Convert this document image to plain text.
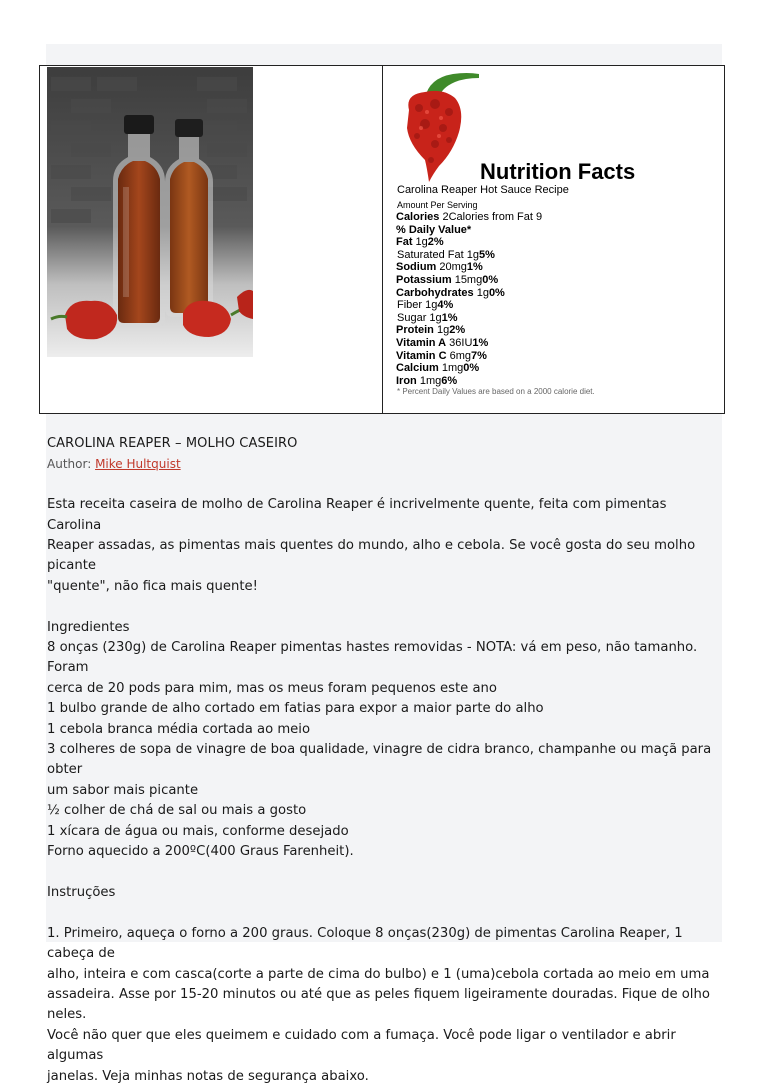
Nutrition Facts
Carolina Reaper Hot Sauce Recipe
Amount Per Serving
Calories 2Calories from Fat 9
% Daily Value*
Fat 1g2%
Saturated Fat 1g5%
Sodium 20mg1%
Potassium 15mg0%
Carbohydrates 1g0%
Fiber 1g4%
Sugar 1g1%
Protein 1g2%
Vitamin A 36IU1%
Vitamin C 6mg7%
Calcium 1mg0%
Iron 1mg6%
* Percent Daily Values are based on a 2000 calorie diet.

CAROLINA REAPER – MOLHO CASEIRO

Author: Mike Hultquist

Esta receita caseira de molho de Carolina Reaper é incrivelmente quente, feita com pimentas Carolina

Reaper assadas, as pimentas mais quentes do mundo, alho e cebola. Se você gosta do seu molho picante

"quente", não fica mais quente!

Ingredientes

8 onças (230g) de Carolina Reaper pimentas hastes removidas - NOTA: vá em peso, não tamanho. Foram

cerca de 20 pods para mim, mas os meus foram pequenos este ano

1 bulbo grande de alho cortado em fatias para expor a maior parte do alho

1 cebola branca média cortada ao meio

3 colheres de sopa de vinagre de boa qualidade, vinagre de cidra branco, champanhe ou maçã para obter

um sabor mais picante

½ colher de chá de sal ou mais a gosto

1 xícara de água ou mais, conforme desejado

Forno aquecido a 200ºC(400 Graus Farenheit).

Instruções

1. Primeiro, aqueça o forno a 200 graus. Coloque 8 onças(230g) de pimentas Carolina Reaper, 1 cabeça de

alho, inteira e com casca(corte a parte de cima do bulbo) e 1 (uma)cebola cortada ao meio em uma

assadeira. Asse por 15-20 minutos ou até que as peles fiquem ligeiramente douradas. Fique de olho neles.

Você não quer que eles queimem e cuidado com a fumaça. Você pode ligar o ventilador e abrir algumas

janelas. Veja minhas notas de segurança abaixo.
